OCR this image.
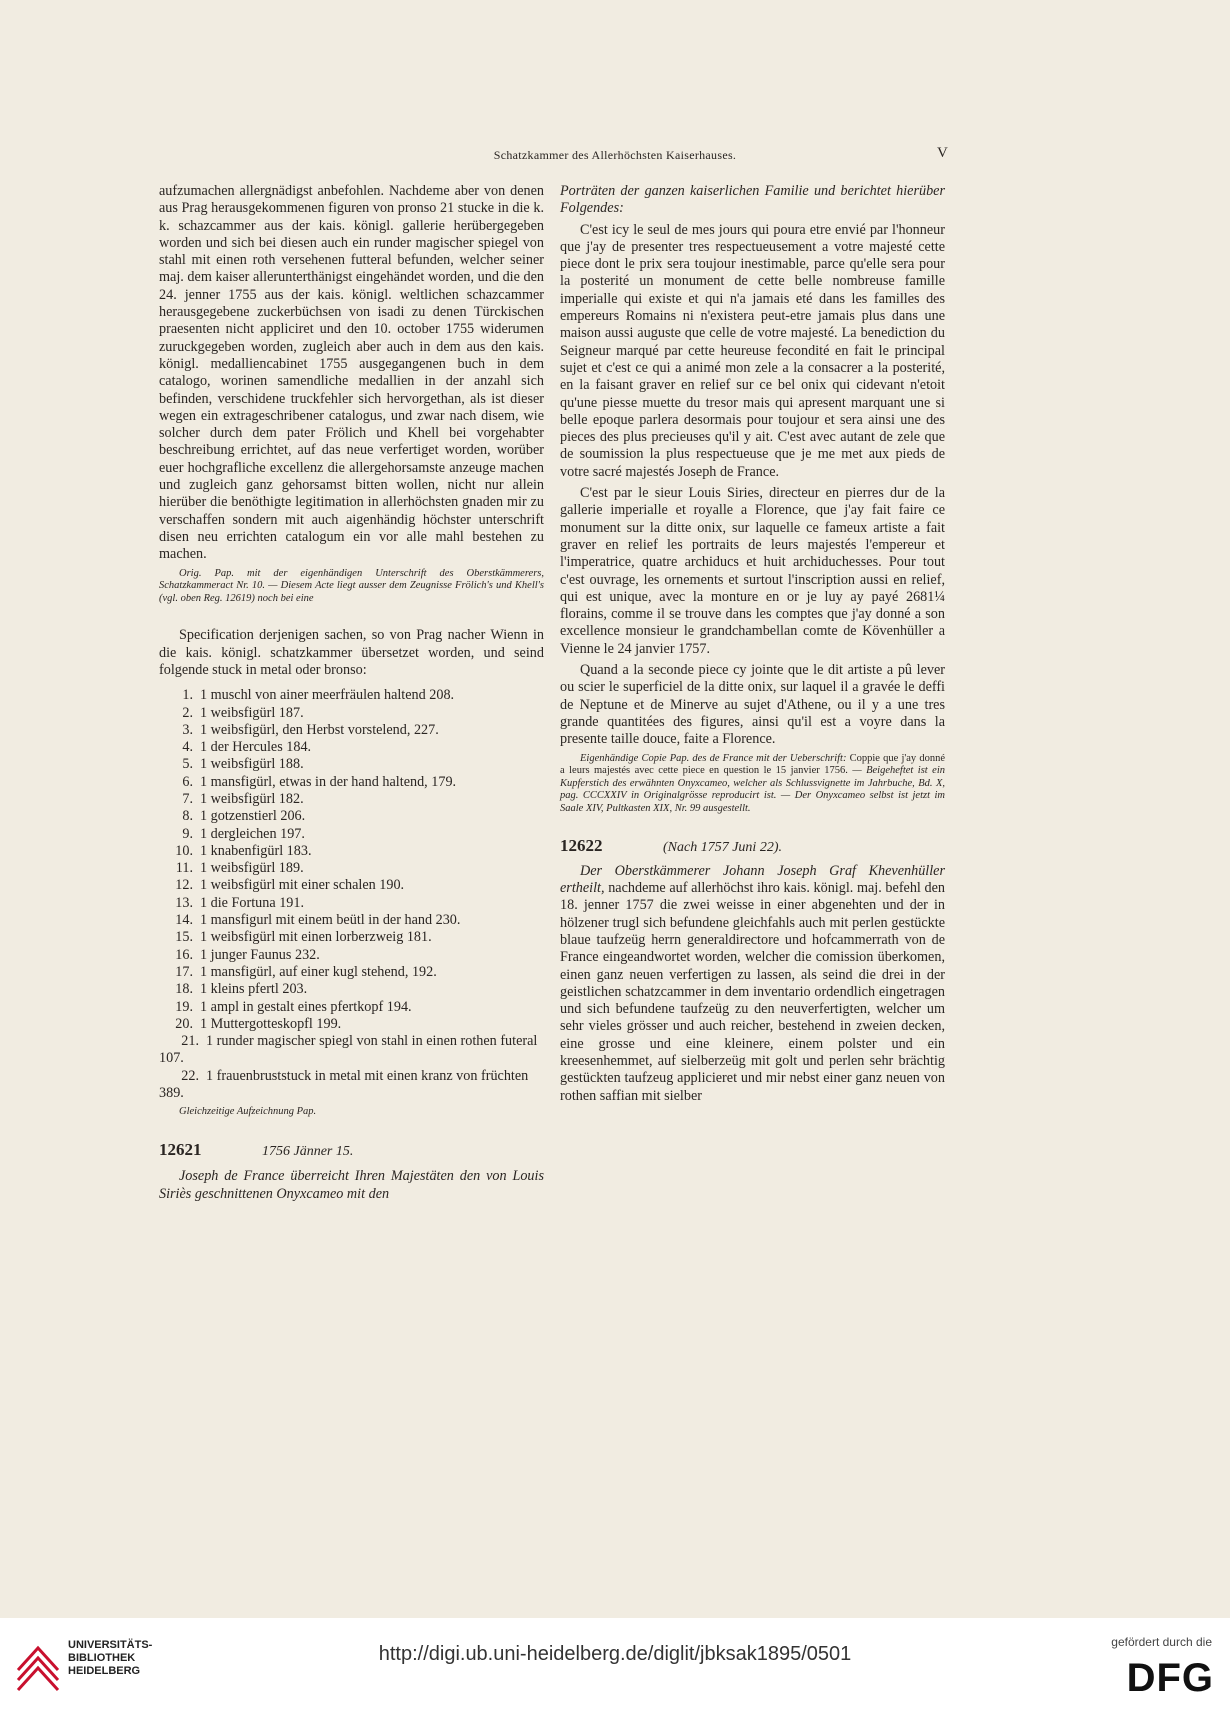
Schatzkammer des Allerhöchsten Kaiserhauses.	V

aufzumachen allergnädigst anbefohlen. Nachdeme aber von denen aus Prag herausgekommenen figuren von pronso 21 stucke in die k. k. schazcammer aus der kais. königl. gallerie herübergegeben worden und sich bei diesen auch ein runder magischer spiegel von stahl mit einen roth versehenen futteral befunden, welcher seiner maj. dem kaiser allerunterthänigst eingehändet worden, und die den 24. jenner 1755 aus der kais. königl. weltlichen schazcammer herausgegebene zuckerbüchsen von isadi zu denen Türckischen praesenten nicht appliciret und den 10. october 1755 widerumen zuruckgegeben worden, zugleich aber auch in dem aus den kais. königl. medalliencabinet 1755 ausgegangenen buch in dem catalogo, worinen samendliche medallien in der anzahl sich befinden, verschidene truckfehler sich hervorgethan, als ist dieser wegen ein extrageschribener catalogus, und zwar nach disem, wie solcher durch dem pater Frölich und Khell bei vorgehabter beschreibung errichtet, auf das neue verfertiget worden, worüber euer hochgrafliche excellenz die allergehorsamste anzeuge machen und zugleich ganz gehorsamst bitten wollen, nicht nur allein hierüber die benöthigte legitimation in allerhöchsten gnaden mir zu verschaffen sondern mit auch aigenhändig höchster unterschrift disen neu errichten catalogum ein vor alle mahl bestehen zu machen.

Orig. Pap. mit der eigenhändigen Unterschrift des Oberstkämmerers, Schatzkammeract Nr. 10. — Diesem Acte liegt ausser dem Zeugnisse Frölich's und Khell's (vgl. oben Reg. 12619) noch bei eine

Specification derjenigen sachen, so von Prag nacher Wienn in die kais. königl. schatzkammer übersetzet worden, und seind folgende stuck in metal oder bronso:

1. 1 muschl von ainer meerfräulen haltend 208.
2. 1 weibsfigürl 187.
3. 1 weibsfigürl, den Herbst vorstelend, 227.
4. 1 der Hercules 184.
5. 1 weibsfigürl 188.
6. 1 mansfigürl, etwas in der hand haltend, 179.
7. 1 weibsfigürl 182.
8. 1 gotzenstierl 206.
9. 1 dergleichen 197.
10. 1 knabenfigürl 183.
11. 1 weibsfigürl 189.
12. 1 weibsfigürl mit einer schalen 190.
13. 1 die Fortuna 191.
14. 1 mansfigurl mit einem beütl in der hand 230.
15. 1 weibsfigürl mit einen lorberzweig 181.
16. 1 junger Faunus 232.
17. 1 mansfigürl, auf einer kugl stehend, 192.
18. 1 kleins pfertl 203.
19. 1 ampl in gestalt eines pfertkopf 194.
20. 1 Muttergotteskopfl 199.
21. 1 runder magischer spiegl von stahl in einen rothen futeral 107.
22. 1 frauenbruststuck in metal mit einen kranz von früchten 389.

Gleichzeitige Aufzeichnung Pap.

12621	1756 Jänner 15.

Joseph de France überreicht Ihren Majestäten den von Louis Siriès geschnittenen Onyxcameo mit den

Porträten der ganzen kaiserlichen Familie und berichtet hierüber Folgendes:

C'est icy le seul de mes jours qui poura etre envié par l'honneur que j'ay de presenter tres respectueusement a votre majesté cette piece dont le prix sera toujour inestimable, parce qu'elle sera pour la posterité un monument de cette belle nombreuse famille imperialle qui existe et qui n'a jamais eté dans les familles des empereurs Romains ni n'existera peut-etre jamais plus dans une maison aussi auguste que celle de votre majesté. La benediction du Seigneur marqué par cette heureuse fecondité en fait le principal sujet et c'est ce qui a animé mon zele a la consacrer a la posterité, en la faisant graver en relief sur ce bel onix qui cidevant n'etoit qu'une piesse muette du tresor mais qui apresent marquant une si belle epoque parlera desormais pour toujour et sera ainsi une des pieces des plus precieuses qu'il y ait. C'est avec autant de zele que de soumission la plus respectueuse que je me met aux pieds de votre sacré majestés Joseph de France.

C'est par le sieur Louis Siries, directeur en pierres dur de la gallerie imperialle et royalle a Florence, que j'ay fait faire ce monument sur la ditte onix, sur laquelle ce fameux artiste a fait graver en relief les portraits de leurs majestés l'empereur et l'imperatrice, quatre archiducs et huit archiduchesses. Pour tout c'est ouvrage, les ornements et surtout l'inscription aussi en relief, qui est unique, avec la monture en or je luy ay payé 2681¼ florains, comme il se trouve dans les comptes que j'ay donné a son excellence monsieur le grandchambellan comte de Kövenhüller a Vienne le 24 janvier 1757.

Quand a la seconde piece cy jointe que le dit artiste a pû lever ou scier le superficiel de la ditte onix, sur laquel il a gravée le deffi de Neptune et de Minerve au sujet d'Athene, ou il y a une tres grande quantitées des figures, ainsi qu'il est a voyre dans la presente taille douce, faite a Florence.

Eigenhändige Copie Pap. des de France mit der Ueberschrift: Coppie que j'ay donné a leurs majestés avec cette piece en question le 15 janvier 1756. — Beigeheftet ist ein Kupferstich des erwähnten Onyxcameo, welcher als Schlussvignette im Jahrbuche, Bd. X, pag. CCCXXIV in Originalgrösse reproducirt ist. — Der Onyxcameo selbst ist jetzt im Saale XIV, Pultkasten XIX, Nr. 99 ausgestellt.

12622	(Nach 1757 Juni 22).

Der Oberstkämmerer Johann Joseph Graf Khevenhüller ertheilt, nachdeme auf allerhöchst ihro kais. königl. maj. befehl den 18. jenner 1757 die zwei weisse in einer abgenehten und der in hölzener trugl sich befundene gleichfahls auch mit perlen gestückte blaue taufzeüg herrn generaldirectore und hofcammerrath von de France eingeandwortet worden, welcher die comission überkomen, einen ganz neuen verfertigen zu lassen, als seind die drei in der geistlichen schatzcammer in dem inventario ordendlich eingetragen und sich befundene taufzeüg zu den neuverfertigten, welcher um sehr vieles grösser und auch reicher, bestehend in zweien decken, eine grosse und eine kleinere, einem polster und ein kreesenhemmet, auf sielberzeüg mit golt und perlen sehr brächtig gestückten taufzeug applicieret und mir nebst einer ganz neuen von rothen saffian mit sielber

UNIVERSITÄTS-
BIBLIOTHEK
HEIDELBERG
http://digi.ub.uni-heidelberg.de/diglit/jbksak1895/0501
gefördert durch die
DFG
